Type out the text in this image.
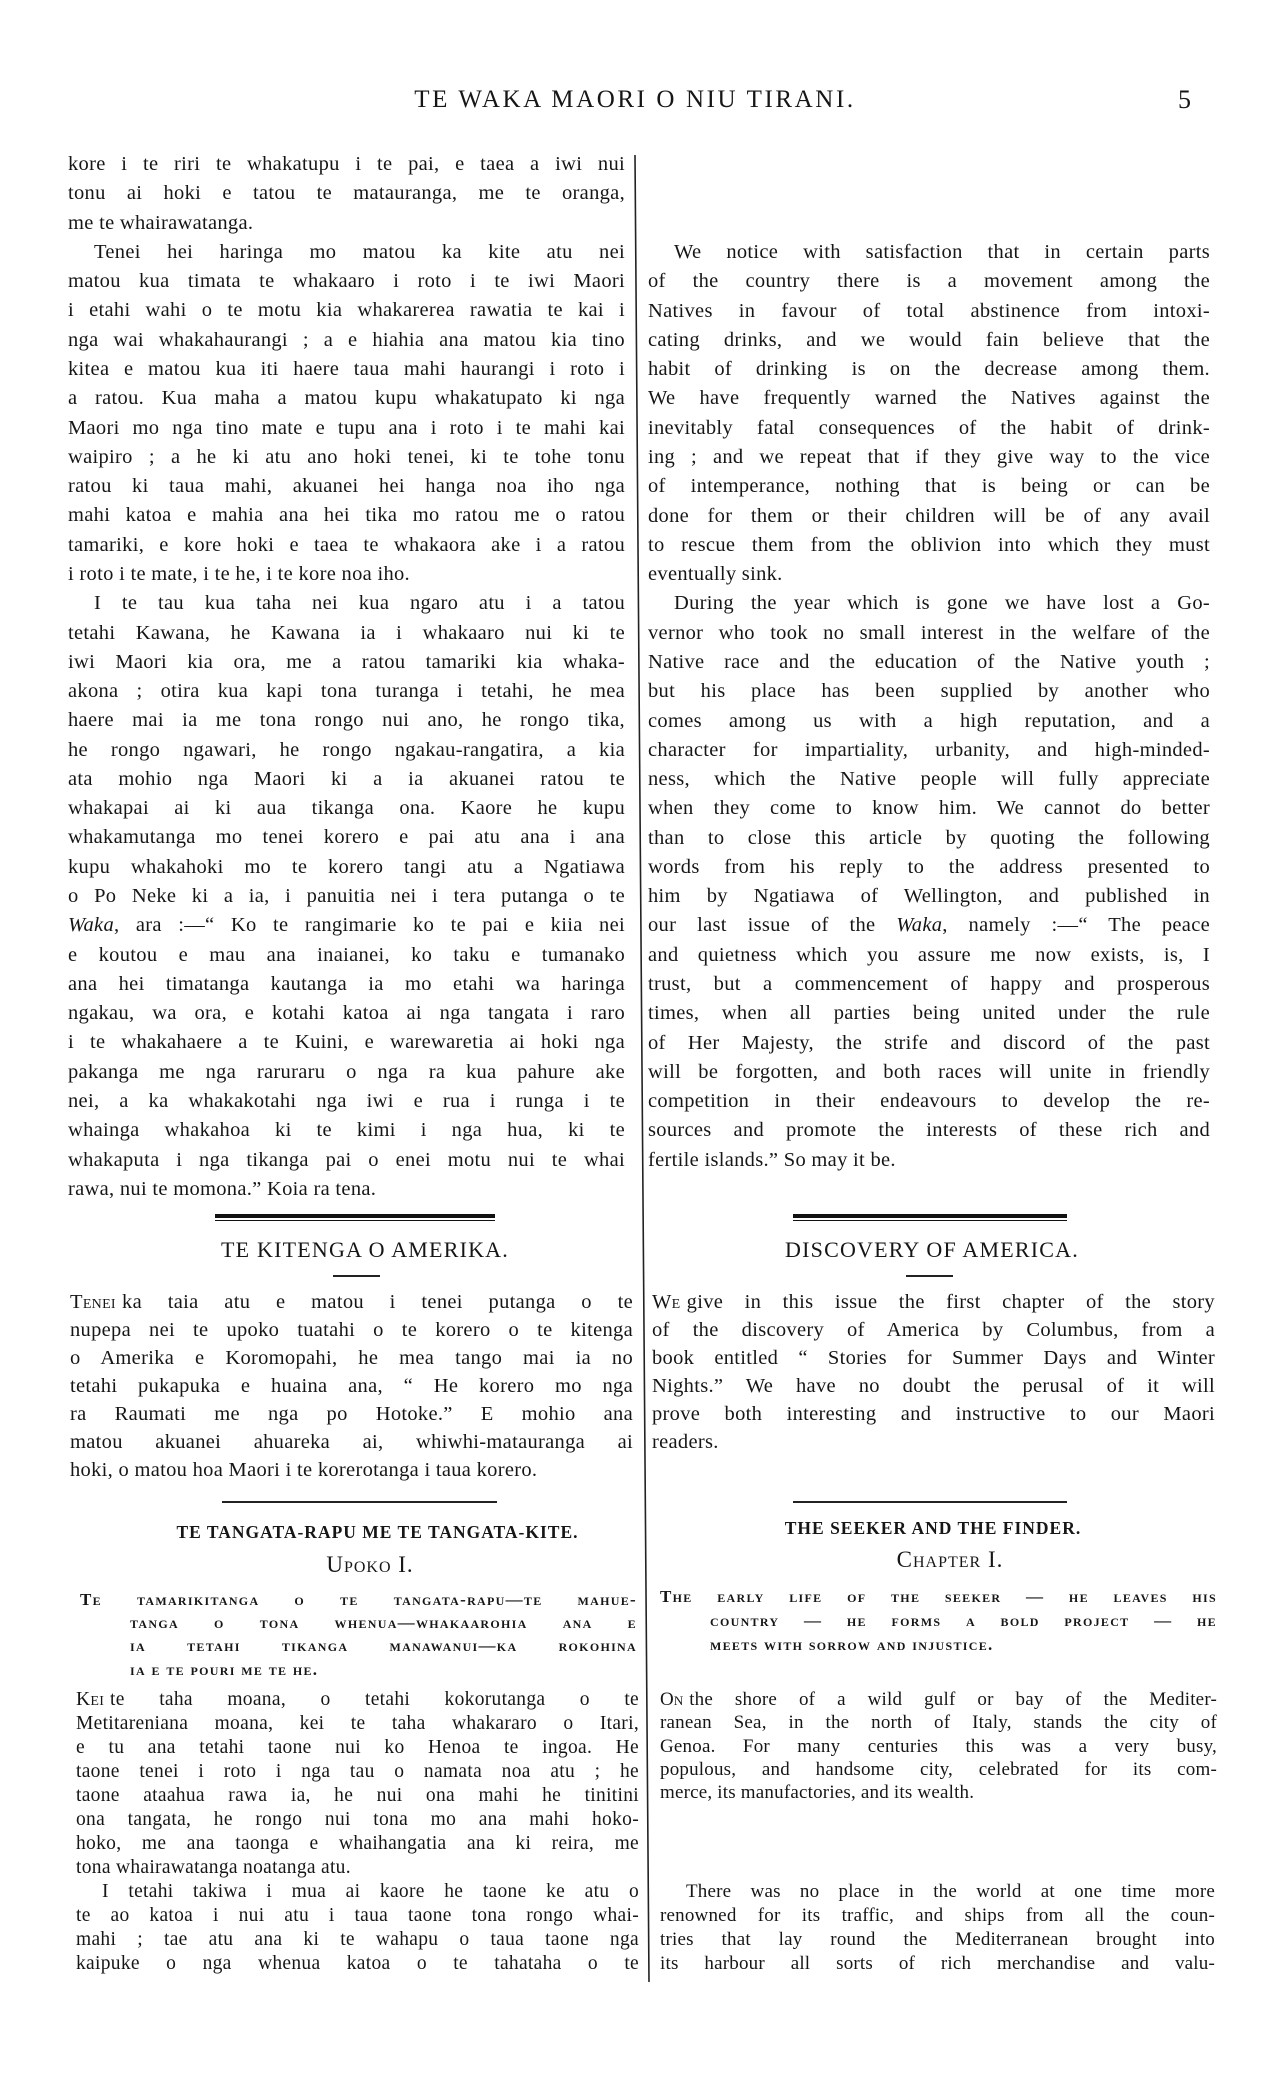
TE WAKA MAORI O NIU TIRANI.	5
kore i te riri te whakatupu i te pai, e taea a iwi nui
tonu ai hoki e tatou te matauranga, me te oranga,
me te whairawatanga.
Tenei hei haringa mo matou ka kite atu nei
matou kua timata te whakaaro i roto i te iwi Maori
i etahi wahi o te motu kia whakarerea rawatia te kai i
nga wai whakahaurangi ; a e hiahia ana matou kia tino
kitea e matou kua iti haere taua mahi haurangi i roto i
a ratou. Kua maha a matou kupu whakatupato ki nga
Maori mo nga tino mate e tupu ana i roto i te mahi kai
waipiro ; a he ki atu ano hoki tenei, ki te tohe tonu
ratou ki taua mahi, akuanei hei hanga noa iho nga
mahi katoa e mahia ana hei tika mo ratou me o ratou
tamariki, e kore hoki e taea te whakaora ake i a ratou
i roto i te mate, i te he, i te kore noa iho.
I te tau kua taha nei kua ngaro atu i a tatou
tetahi Kawana, he Kawana ia i whakaaro nui ki te
iwi Maori kia ora, me a ratou tamariki kia whaka-
akona ; otira kua kapi tona turanga i tetahi, he mea
haere mai ia me tona rongo nui ano, he rongo tika,
he rongo ngawari, he rongo ngakau-rangatira, a kia
ata mohio nga Maori ki a ia akuanei ratou te
whakapai ai ki aua tikanga ona. Kaore he kupu
whakamutanga mo tenei korero e pai atu ana i ana
kupu whakahoki mo te korero tangi atu a Ngatiawa
o Po Neke ki a ia, i panuitia nei i tera putanga o te
Waka, ara :—“ Ko te rangimarie ko te pai e kiia nei
e koutou e mau ana inaianei, ko taku e tumanako
ana hei timatanga kautanga ia mo etahi wa haringa
ngakau, wa ora, e kotahi katoa ai nga tangata i raro
i te whakahaere a te Kuini, e warewaretia ai hoki nga
pakanga me nga raruraru o nga ra kua pahure ake
nei, a ka whakakotahi nga iwi e rua i runga i te
whainga whakahoa ki te kimi i nga hua, ki te
whakaputa i nga tikanga pai o enei motu nui te whai
rawa, nui te momona.” Koia ra tena.
TE KITENGA O AMERIKA.
Tenei ka taia atu e matou i tenei putanga o te
nupepa nei te upoko tuatahi o te korero o te kitenga
o Amerika e Koromopahi, he mea tango mai ia no
tetahi pukapuka e huaina ana, “ He korero mo nga
ra Raumati me nga po Hotoke.” E mohio ana
matou akuanei ahuareka ai, whiwhi-matauranga ai
hoki, o matou hoa Maori i te korerotanga i taua korero.
TE TANGATA-RAPU ME TE TANGATA-KITE.
Upoko I.
Te tamarikitanga o te tangata-rapu—te mahue-
tanga o tona whenua—whakaarohia ana e
ia tetahi tikanga manawanui—ka rokohina
ia e te pouri me te he.
Kei te taha moana, o tetahi kokorutanga o te
Metitareniana moana, kei te taha whakararo o Itari,
e tu ana tetahi taone nui ko Henoa te ingoa. He
taone tenei i roto i nga tau o namata noa atu ; he
taone ataahua rawa ia, he nui ona mahi he tinitini
ona tangata, he rongo nui tona mo ana mahi hoko-
hoko, me ana taonga e whaihangatia ana ki reira, me
tona whairawatanga noatanga atu.
I tetahi takiwa i mua ai kaore he taone ke atu o
te ao katoa i nui atu i taua taone tona rongo whai-
mahi ; tae atu ana ki te wahapu o taua taone nga
kaipuke o nga whenua katoa o te tahataha o te
We notice with satisfaction that in certain parts
of the country there is a movement among the
Natives in favour of total abstinence from intoxi-
cating drinks, and we would fain believe that the
habit of drinking is on the decrease among them.
We have frequently warned the Natives against the
inevitably fatal consequences of the habit of drink-
ing ; and we repeat that if they give way to the vice
of intemperance, nothing that is being or can be
done for them or their children will be of any avail
to rescue them from the oblivion into which they must
eventually sink.
During the year which is gone we have lost a Go-
vernor who took no small interest in the welfare of the
Native race and the education of the Native youth ;
but his place has been supplied by another who
comes among us with a high reputation, and a
character for impartiality, urbanity, and high-minded-
ness, which the Native people will fully appreciate
when they come to know him. We cannot do better
than to close this article by quoting the following
words from his reply to the address presented to
him by Ngatiawa of Wellington, and published in
our last issue of the Waka, namely :—“ The peace
and quietness which you assure me now exists, is, I
trust, but a commencement of happy and prosperous
times, when all parties being united under the rule
of Her Majesty, the strife and discord of the past
will be forgotten, and both races will unite in friendly
competition in their endeavours to develop the re-
sources and promote the interests of these rich and
fertile islands.” So may it be.
DISCOVERY OF AMERICA.
We give in this issue the first chapter of the story
of the discovery of America by Columbus, from a
book entitled “ Stories for Summer Days and Winter
Nights.” We have no doubt the perusal of it will
prove both interesting and instructive to our Maori
readers.
THE SEEKER AND THE FINDER.
Chapter I.
The early life of the seeker — he leaves his
country — he forms a bold project — he
meets with sorrow and injustice.
On the shore of a wild gulf or bay of the Mediter-
ranean Sea, in the north of Italy, stands the city of
Genoa. For many centuries this was a very busy,
populous, and handsome city, celebrated for its com-
merce, its manufactories, and its wealth.
There was no place in the world at one time more
renowned for its traffic, and ships from all the coun-
tries that lay round the Mediterranean brought into
its harbour all sorts of rich merchandise and valu-
